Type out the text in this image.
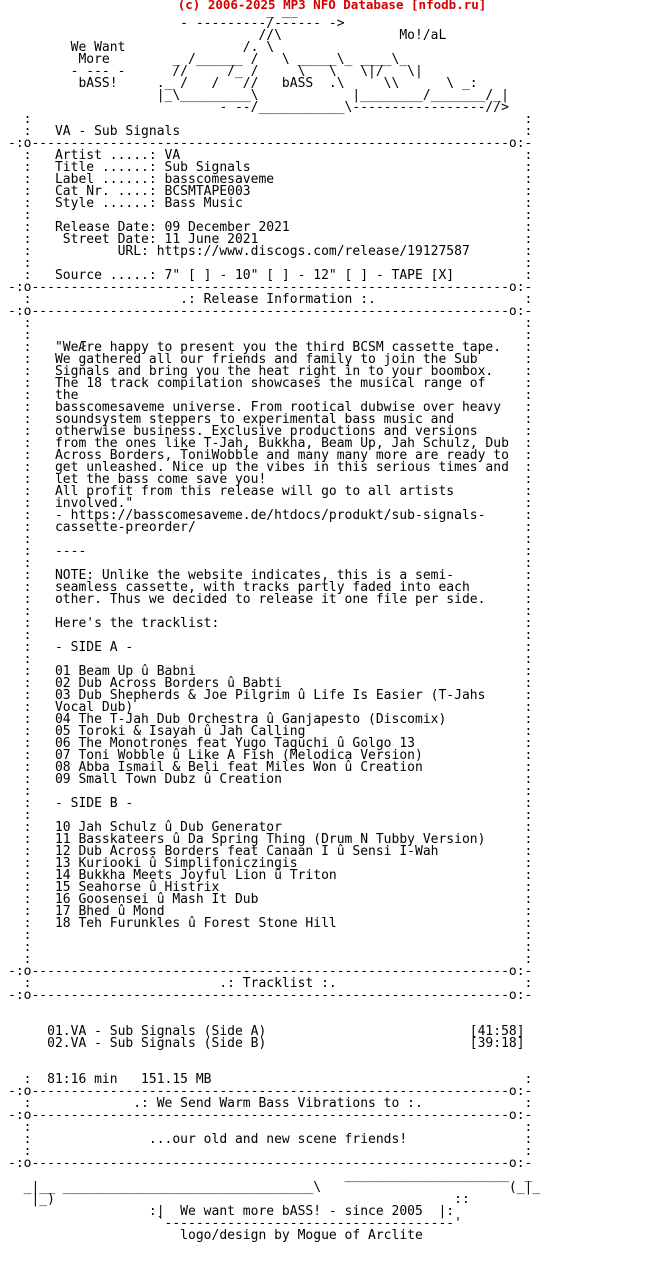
(c) 2006-2025 MP3 NFO Database [nfodb.ru]
_ __
- ---------/------ ->
//\               Mo!/aL
We Want               /. \
More        _ /______ /   \ _____\_ ____\_
- --- -      //     /_ /     \   \   \|/   \|
bASS!     ._ /   /   //   bASS  .\     \\      \ _:
|_\_________\            |________/_______/_|
- --/___________\-----------------//>
:                                                               :
:   VA - Sub Signals                                            :
-:o-------------------------------------------------------------o:-
:   Artist .....: VA                                            :
:   Title ......: Sub Signals                                   :
:   Label ......: basscomesaveme                                :
:   Cat Nr. ....: BCSMTAPE003                                   :
:   Style ......: Bass Music                                    :
:                                                               :
:   Release Date: 09 December 2021                              :
:    Street Date: 11 June 2021                                  :
:           URL: https://www.discogs.com/release/19127587       :
:                                                               :
:   Source .....: 7" [ ] - 10" [ ] - 12" [ ] - TAPE [X]         :
-:o-------------------------------------------------------------o:-
:                   .: Release Information :.                   :
-:o-------------------------------------------------------------o:-
:                                                               :
:                                                               :
:   "WeÆre happy to present you the third BCSM cassette tape.   :
:   We gathered all our friends and family to join the Sub      :
:   Signals and bring you the heat right in to your boombox.    :
:   The 18 track compilation showcases the musical range of     :
:   the                                                         :
:   basscomesaveme universe. From rootical dubwise over heavy   :
:   soundsystem steppers to experimental bass music and         :
:   otherwise business. Exclusive productions and versions      :
:   from the ones like T-Jah, Bukkha, Beam Up, Jah Schulz, Dub  :
:   Across Borders, ToniWobble and many many more are ready to  :
:   get unleashed. Nice up the vibes in this serious times and  :
:   let the bass come save you!                                 :
:   All profit from this release will go to all artists         :
:   involved."                                                  :
:   - https://basscomesaveme.de/htdocs/produkt/sub-signals-     :
:   cassette-preorder/                                          :
:                                                               :
:   ----                                                        :
:                                                               :
:   NOTE: Unlike the website indicates, this is a semi-         :
:   seamless cassette, with tracks partly faded into each       :
:   other. Thus we decided to release it one file per side.     :
:                                                               :
:   Here's the tracklist:                                       :
:                                                               :
:   - SIDE A -                                                  :
:                                                               :
:   01 Beam Up û Babni                                          :
:   02 Dub Across Borders û Babti                               :
:   03 Dub Shepherds & Joe Pilgrim û Life Is Easier (T-Jahs     :
:   Vocal Dub)                                                  :
:   04 The T-Jah Dub Orchestra û Ganjapesto (Discomix)          :
:   05 Toroki & Isayah û Jah Calling                            :
:   06 The Monotrones feat Yugo Taguchi û Golgo 13              :
:   07 Toni Wobble û Like A Fish (Melodica Version)             :
:   08 Abba Ismail & Beli feat Miles Won û Creation             :
:   09 Small Town Dubz û Creation                               :
:                                                               :
:   - SIDE B -                                                  :
:                                                               :
:   10 Jah Schulz û Dub Generator                               :
:   11 Basskateers û Da Spring Thing (Drum N Tubby Version)     :
:   12 Dub Across Borders feat Canaan I û Sensi I-Wah           :
:   13 Kuriooki û Simplifoniczingis                             :
:   14 Bukkha Meets Joyful Lion û Triton                        :
:   15 Seahorse û Histrix                                       :
:   16 Goosensei û Mash It Dub                                  :
:   17 Bhed û Mond                                              :
:   18 Teh Furunkles û Forest Stone Hill                        :
:                                                               :
:                                                               :
:                                                               :
-:o-------------------------------------------------------------o:-
:                        .: Tracklist :.                        :
-:o-------------------------------------------------------------o:-

01.VA - Sub Signals (Side A)                          [41:58]
02.VA - Sub Signals (Side B)                          [39:18]

:  81:16 min   151.15 MB                                        :
-:o-------------------------------------------------------------o:-
:             .: We Send Warm Bass Vibrations to :.             :
-:o-------------------------------------------------------------o:-
:                                                               :
:               ...our old and new scene friends!               :
:                                                               :
-:o-------------------------------------------------------------o:-
_____________________  _
_|__ ________________________________\                        (_|_
|_)                                                   ::
:|  We want more bASS! - since 2005  |:
`-------------------------------------'
logo/design by Mogue of Arclite
